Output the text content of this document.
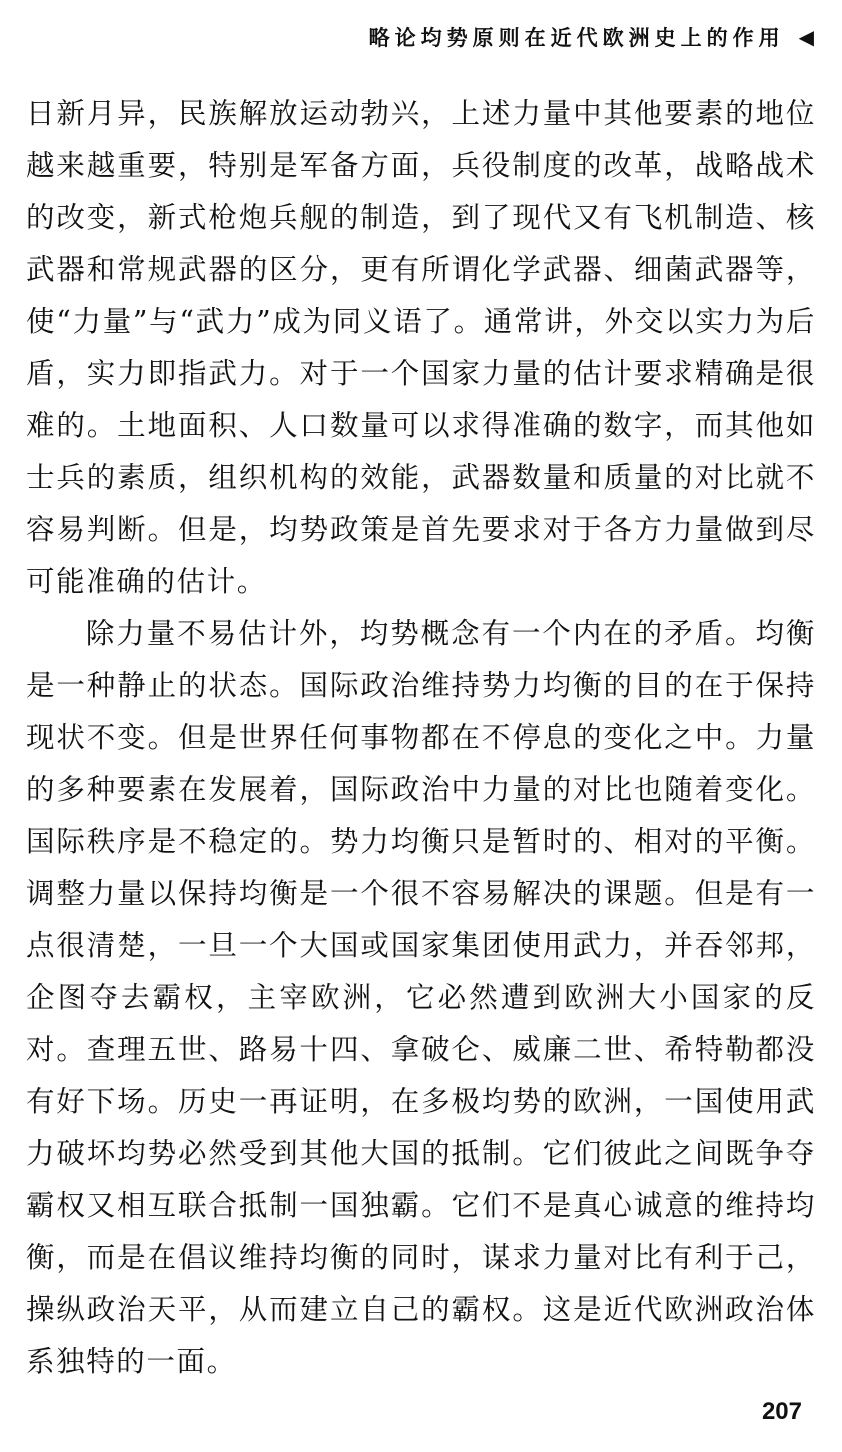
略论均势原则在近代欧洲史上的作用 ◀

日新月异，民族解放运动勃兴，上述力量中其他要素的地位越来越重要，特别是军备方面，兵役制度的改革，战略战术的改变，新式枪炮兵舰的制造，到了现代又有飞机制造、核武器和常规武器的区分，更有所谓化学武器、细菌武器等，使“力量”与“武力”成为同义语了。通常讲，外交以实力为后盾，实力即指武力。对于一个国家力量的估计要求精确是很难的。土地面积、人口数量可以求得准确的数字，而其他如士兵的素质，组织机构的效能，武器数量和质量的对比就不容易判断。但是，均势政策是首先要求对于各方力量做到尽可能准确的估计。

除力量不易估计外，均势概念有一个内在的矛盾。均衡是一种静止的状态。国际政治维持势力均衡的目的在于保持现状不变。但是世界任何事物都在不停息的变化之中。力量的多种要素在发展着，国际政治中力量的对比也随着变化。国际秩序是不稳定的。势力均衡只是暂时的、相对的平衡。调整力量以保持均衡是一个很不容易解决的课题。但是有一点很清楚，一旦一个大国或国家集团使用武力，并吞邻邦，企图夺去霸权，主宰欧洲，它必然遭到欧洲大小国家的反对。查理五世、路易十四、拿破仑、威廉二世、希特勒都没有好下场。历史一再证明，在多极均势的欧洲，一国使用武力破坏均势必然受到其他大国的抵制。它们彼此之间既争夺霸权又相互联合抵制一国独霸。它们不是真心诚意的维持均衡，而是在倡议维持均衡的同时，谋求力量对比有利于己，操纵政治天平，从而建立自己的霸权。这是近代欧洲政治体系独特的一面。

207
